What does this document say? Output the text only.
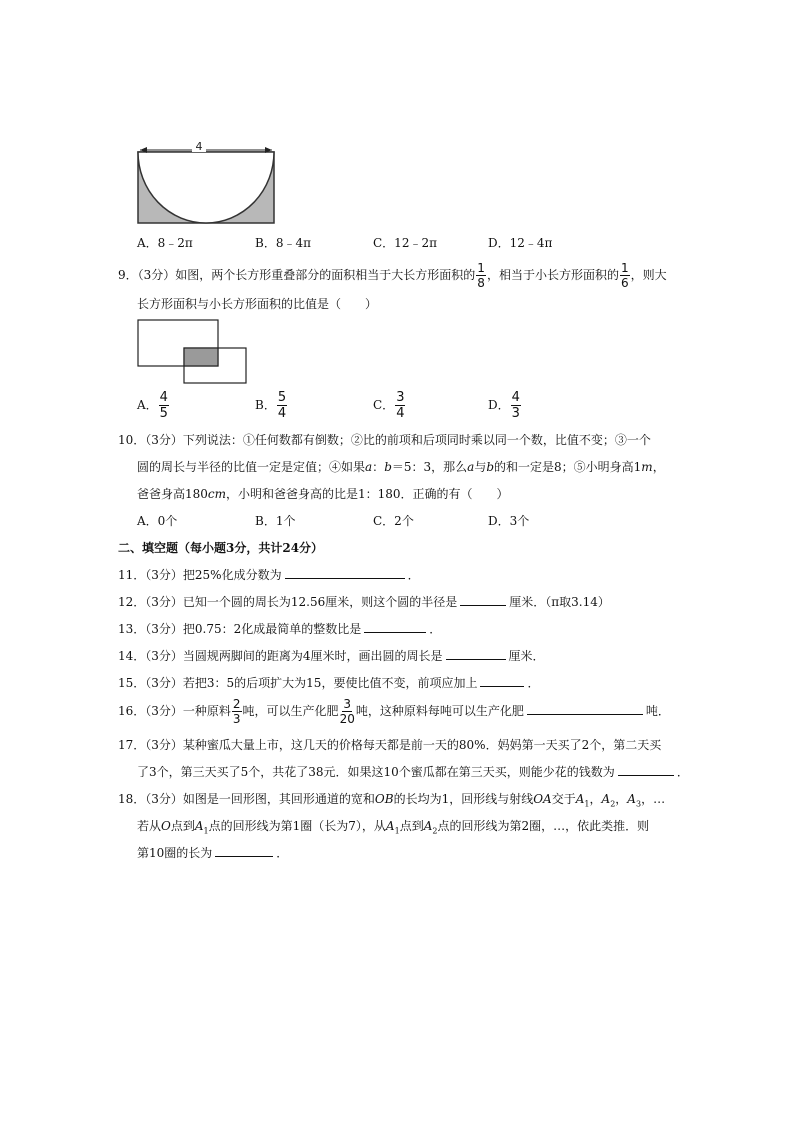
4
A．8﹣2π	B．8﹣4π	C．12﹣2π	D．12﹣4π
9．（3分）如图，两个长方形重叠部分的面积相当于大长方形面积的 $\frac{1}{8}$ ，相当于小长方形面积的 $\frac{1}{6}$ ，则大
长方形面积与小长方形面积的比值是（　　）
A． $\frac{4}{5}$	B． $\frac{5}{4}$	C． $\frac{3}{4}$	D． $\frac{4}{3}$
10．（3分）下列说法：①任何数都有倒数；②比的前项和后项同时乘以同一个数，比值不变；③一个
圆的周长与半径的比值一定是定值；④如果a：b＝5：3，那么a与b的和一定是8；⑤小明身高1m，
爸爸身高180cm，小明和爸爸身高的比是1：180．正确的有（　　）
A．0个	B．1个	C．2个	D．3个
二、填空题（每小题3分，共计24分）
11．（3分）把25%化成分数为	．
12．（3分）已知一个圆的周长为12.56厘米，则这个圆的半径是	厘米．（π取3.14）
13．（3分）把0.75：2化成最简单的整数比是	．
14．（3分）当圆规两脚间的距离为4厘米时，画出圆的周长是	厘米．
15．（3分）若把3：5的后项扩大为15，要使比值不变，前项应加上	．
16．（3分）一种原料 $\frac{2}{3}$ 吨，可以生产化肥 $\frac{3}{20}$ 吨，这种原料每吨可以生产化肥	吨．
17．（3分）某种蜜瓜大量上市，这几天的价格每天都是前一天的80%．妈妈第一天买了2个，第二天买
了3个，第三天买了5个，共花了38元．如果这10个蜜瓜都在第三天买，则能少花的钱数为	．
18．（3分）如图是一回形图，其回形通道的宽和OB的长均为1，回形线与射线OA交于$A_1$，$A_2$，$A_3$，…
若从O点到$A_1$点的回形线为第1圈（长为7），从$A_1$点到$A_2$点的回形线为第2圈，…，依此类推．则
第10圈的长为	．
